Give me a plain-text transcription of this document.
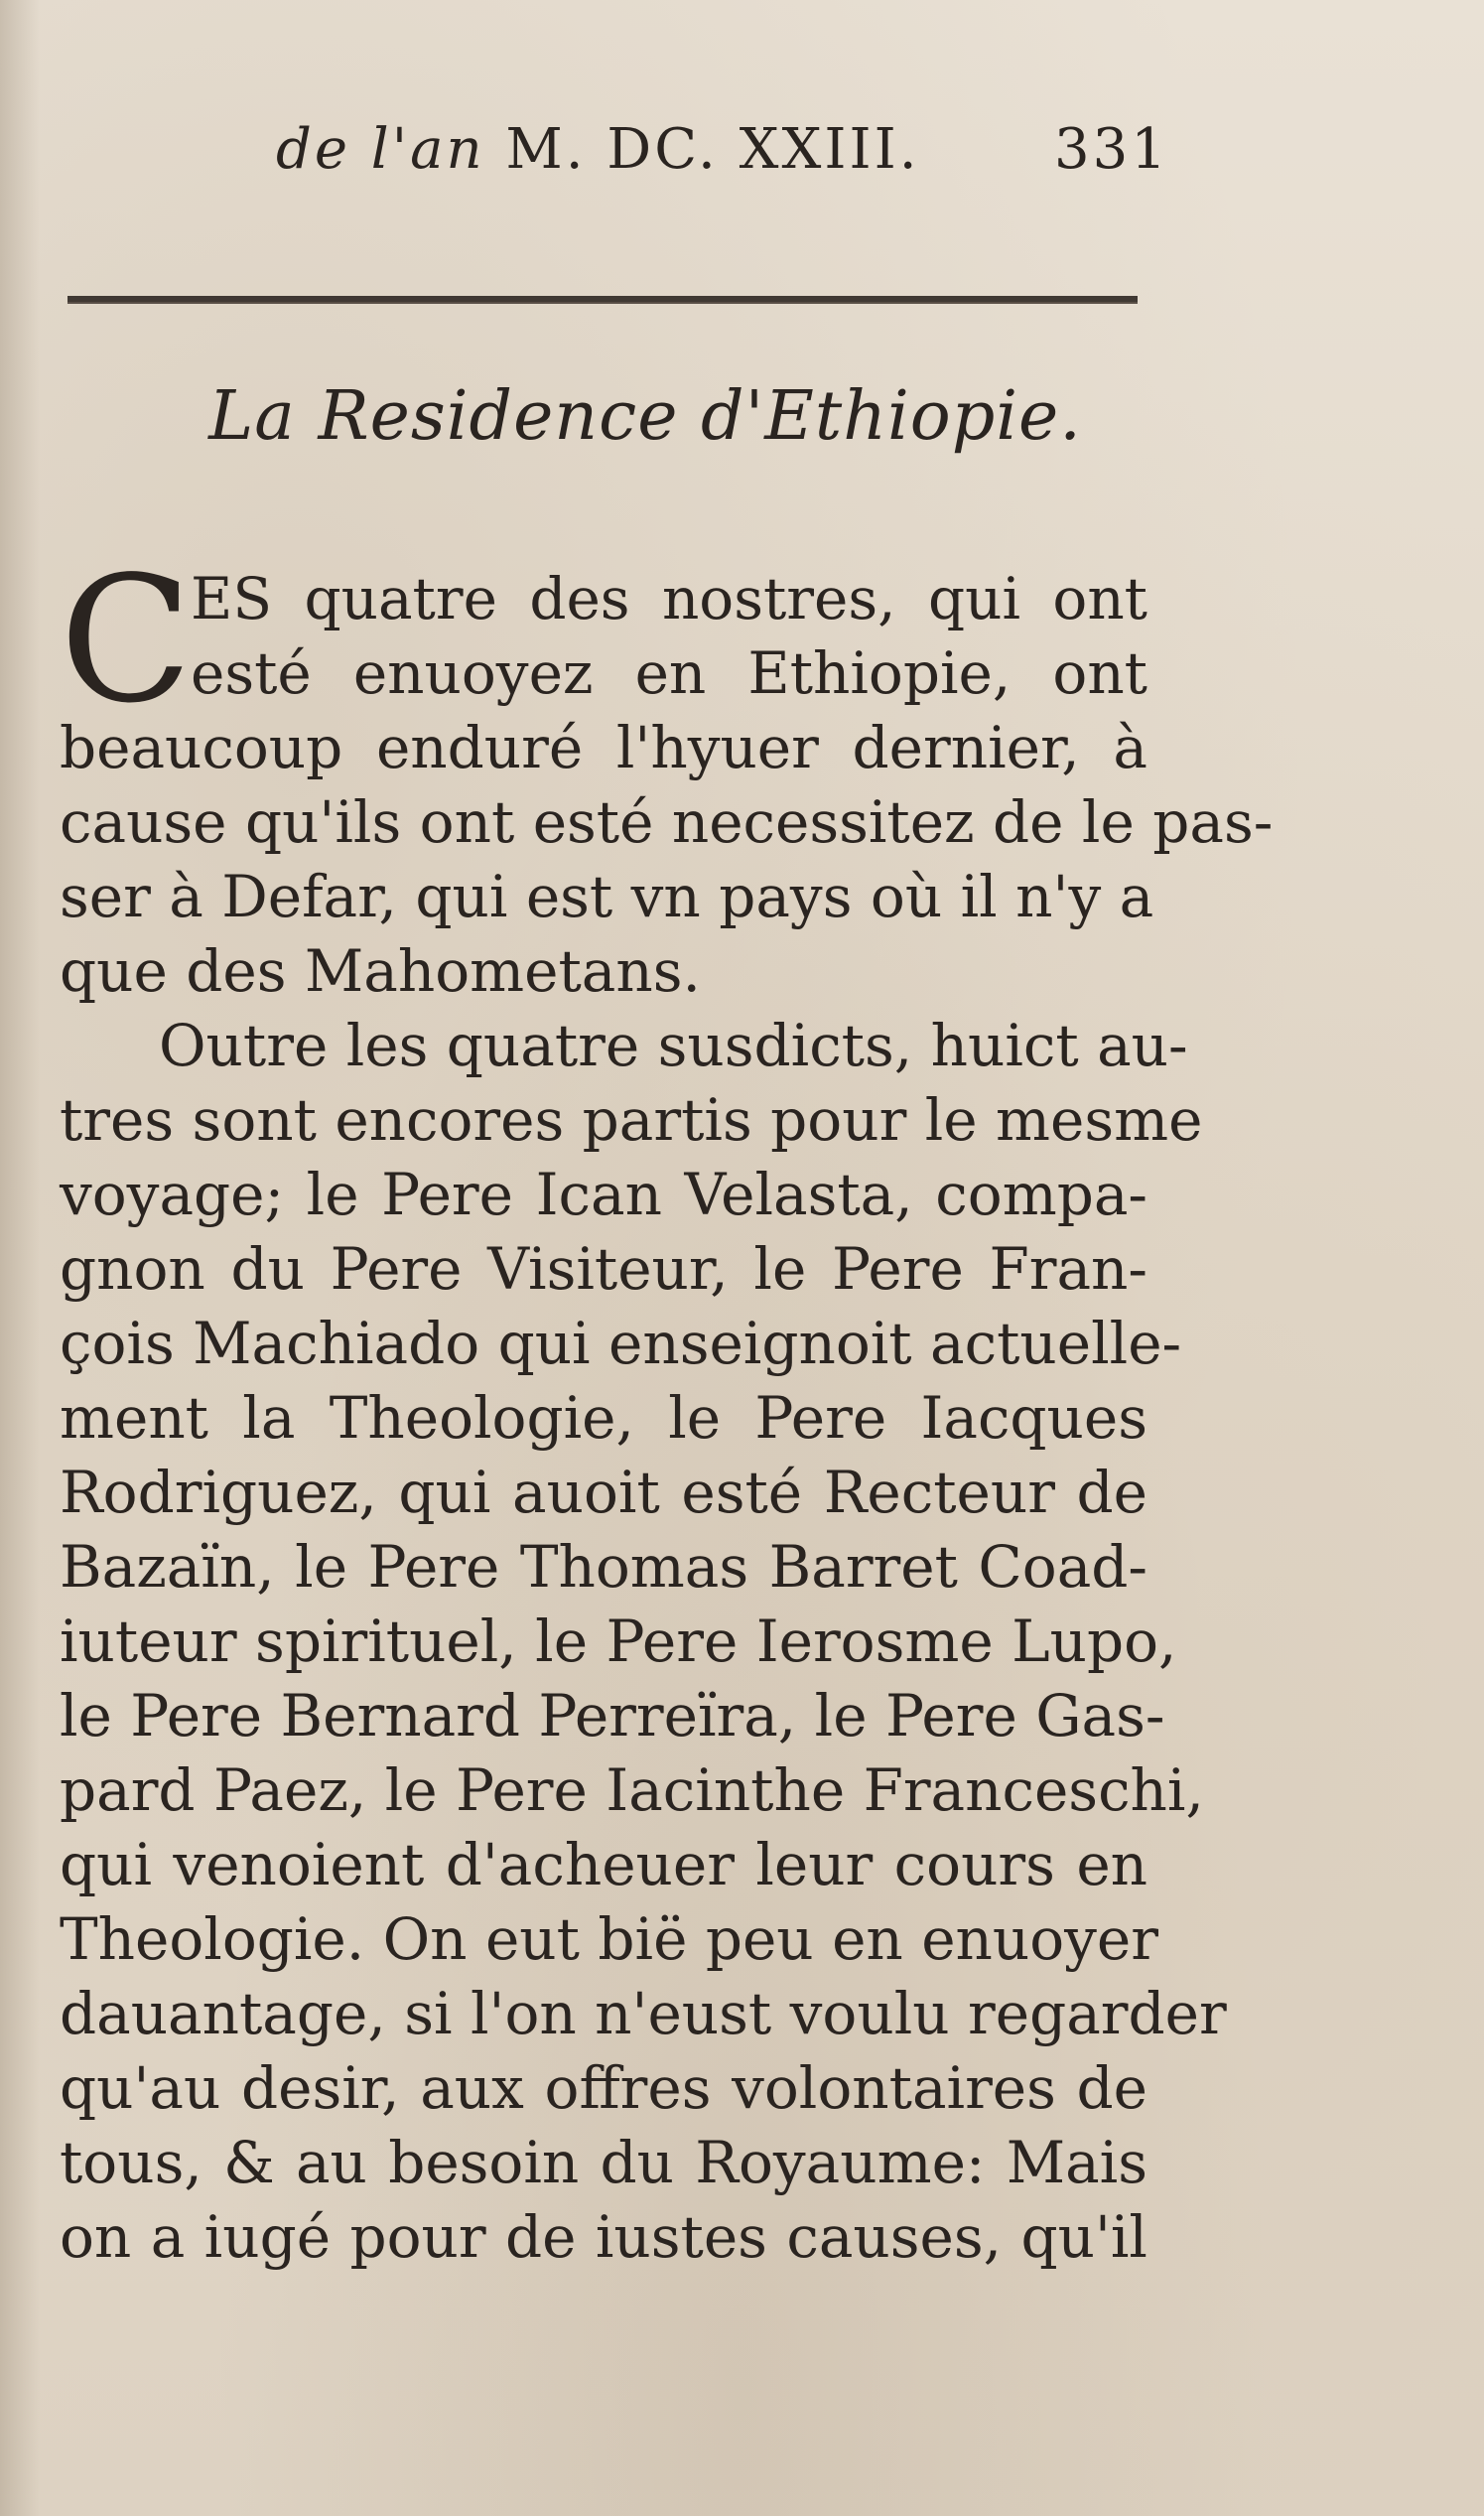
de l'an M. DC. XXIII. 331
La Residence d'Ethiopie.
C
ES quatre des nostres, qui ont
esté enuoyez en Ethiopie, ont
beaucoup enduré l'hyuer dernier, à
cause qu'ils ont esté necessitez de le pas-
ser à Defar, qui est vn pays où il n'y a
que des Mahometans.
Outre les quatre susdicts, huict au-
tres sont encores partis pour le mesme
voyage; le Pere Ican Velasta, compa-
gnon du Pere Visiteur, le Pere Fran-
çois Machiado qui enseignoit actuelle-
ment la Theologie, le Pere Iacques
Rodriguez, qui auoit esté Recteur de
Bazaïn, le Pere Thomas Barret Coad-
iuteur spirituel, le Pere Ierosme Lupo,
le Pere Bernard Perreïra, le Pere Gas-
pard Paez, le Pere Iacinthe Franceschi,
qui venoient d'acheuer leur cours en
Theologie. On eut bië peu en enuoyer
dauantage, si l'on n'eust voulu regarder
qu'au desir, aux offres volontaires de
tous, & au besoin du Royaume: Mais
on a iugé pour de iustes causes, qu'il
